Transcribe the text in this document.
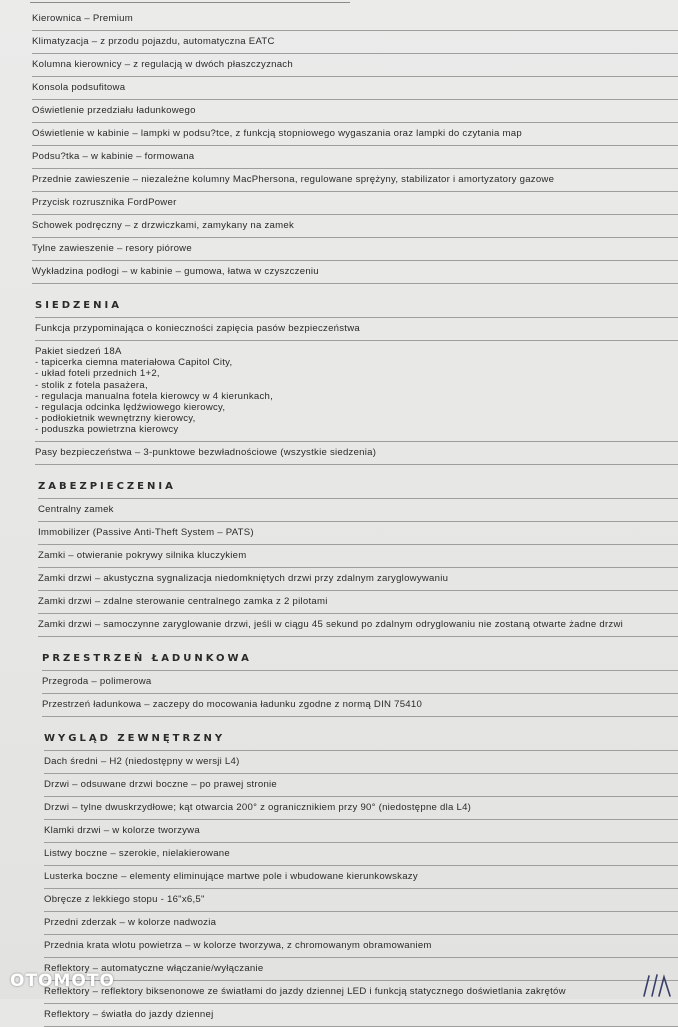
Kierownica – Premium
Klimatyzacja – z przodu pojazdu, automatyczna EATC
Kolumna kierownicy – z regulacją w dwóch płaszczyznach
Konsola podsufitowa
Oświetlenie przedziału ładunkowego
Oświetlenie w kabinie – lampki w podsu?tce, z funkcją stopniowego wygaszania oraz lampki do czytania map
Podsu?tka – w kabinie – formowana
Przednie zawieszenie – niezależne kolumny MacPhersona, regulowane sprężyny, stabilizator i amortyzatory gazowe
Przycisk rozrusznika FordPower
Schowek podręczny – z drzwiczkami, zamykany na zamek
Tylne zawieszenie – resory piórowe
Wykładzina podłogi – w kabinie – gumowa, łatwa w czyszczeniu
SIEDZENIA
Funkcja przypominająca o konieczności zapięcia pasów bezpieczeństwa
Pakiet siedzeń 18A
- tapicerka ciemna materiałowa Capitol City,
- układ foteli przednich 1+2,
- stolik z fotela pasażera,
- regulacja manualna fotela kierowcy w 4 kierunkach,
- regulacja odcinka lędźwiowego kierowcy,
- podłokietnik wewnętrzny kierowcy,
- poduszka powietrzna kierowcy
Pasy bezpieczeństwa – 3-punktowe bezwładnościowe (wszystkie siedzenia)
ZABEZPIECZENIA
Centralny zamek
Immobilizer (Passive Anti-Theft System – PATS)
Zamki – otwieranie pokrywy silnika kluczykiem
Zamki drzwi – akustyczna sygnalizacja niedomkniętych drzwi przy zdalnym zaryglowywaniu
Zamki drzwi – zdalne sterowanie centralnego zamka z 2 pilotami
Zamki drzwi – samoczynne zaryglowanie drzwi, jeśli w ciągu 45 sekund po zdalnym odryglowaniu nie zostaną otwarte żadne drzwi
PRZESTRZEŃ ŁADUNKOWA
Przegroda – polimerowa
Przestrzeń ładunkowa – zaczepy do mocowania ładunku zgodne z normą DIN 75410
WYGLĄD ZEWNĘTRZNY
Dach średni – H2 (niedostępny w wersji L4)
Drzwi – odsuwane drzwi boczne – po prawej stronie
Drzwi – tylne dwuskrzydłowe; kąt otwarcia 200° z ogranicznikiem przy 90° (niedostępne dla L4)
Klamki drzwi – w kolorze tworzywa
Listwy boczne – szerokie, nielakierowane
Lusterka boczne – elementy eliminujące martwe pole i wbudowane kierunkowskazy
Obręcze z lekkiego stopu - 16"x6,5"
Przedni zderzak – w kolorze nadwozia
Przednia krata wlotu powietrza – w kolorze tworzywa, z chromowanym obramowaniem
Reflektory – automatyczne włączanie/wyłączanie
Reflektory – reflektory biksenonowe ze światłami do jazdy dziennej LED i funkcją statycznego doświetlania zakrętów
Reflektory – światła do jazdy dziennej
OTOMOTO
